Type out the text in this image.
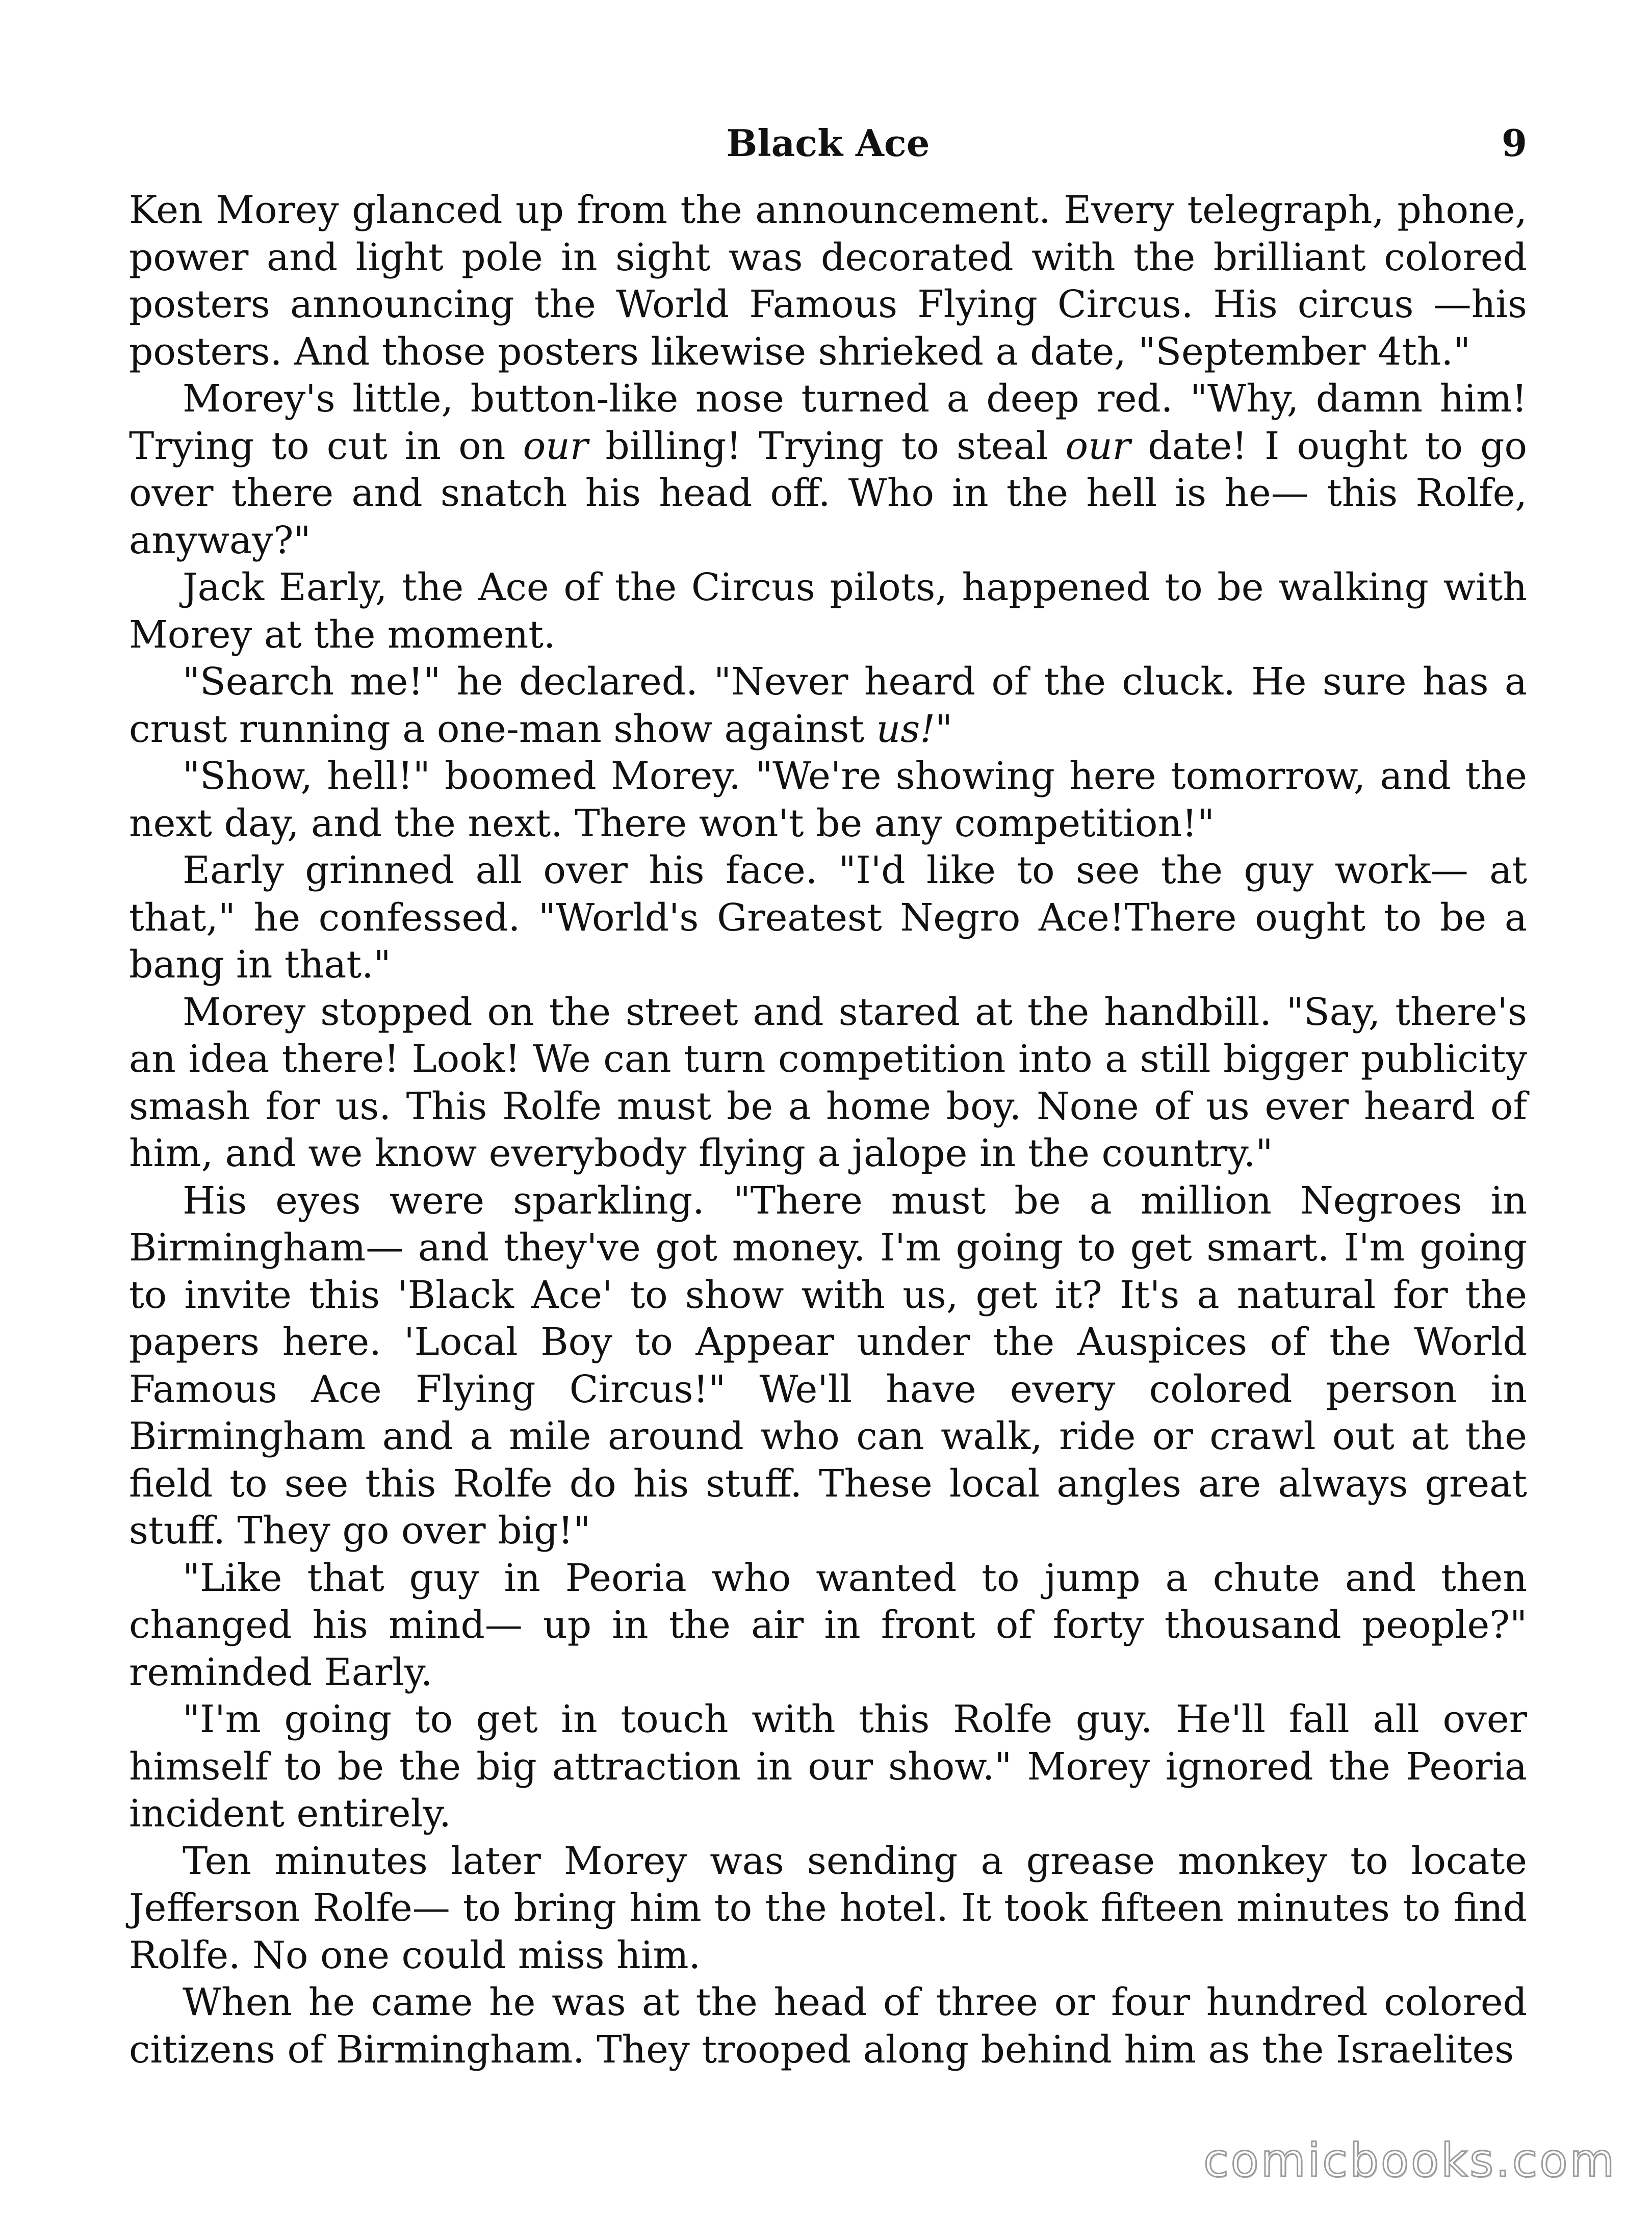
Black Ace	9

Ken Morey glanced up from the announcement. Every telegraph, phone, power and light pole in sight was decorated with the brilliant colored posters announcing the World Famous Flying Circus. His circus —his posters. And those posters likewise shrieked a date, "September 4th."

Morey's little, button-like nose turned a deep red. "Why, damn him! Trying to cut in on our billing! Trying to steal our date! I ought to go over there and snatch his head off. Who in the hell is he— this Rolfe, anyway?"

Jack Early, the Ace of the Circus pilots, happened to be walking with Morey at the moment.

"Search me!" he declared. "Never heard of the cluck. He sure has a crust running a one-man show against us!"

"Show, hell!" boomed Morey. "We're showing here tomorrow, and the next day, and the next. There won't be any competition!"

Early grinned all over his face. "I'd like to see the guy work— at that," he confessed. "World's Greatest Negro Ace!There ought to be a bang in that."

Morey stopped on the street and stared at the handbill. "Say, there's an idea there! Look! We can turn competition into a still bigger publicity smash for us. This Rolfe must be a home boy. None of us ever heard of him, and we know everybody flying a jalope in the country."

His eyes were sparkling. "There must be a million Negroes in Birmingham— and they've got money. I'm going to get smart. I'm going to invite this 'Black Ace' to show with us, get it? It's a natural for the papers here. 'Local Boy to Appear under the Auspices of the World Famous Ace Flying Circus!" We'll have every colored person in Birmingham and a mile around who can walk, ride or crawl out at the field to see this Rolfe do his stuff. These local angles are always great stuff. They go over big!"

"Like that guy in Peoria who wanted to jump a chute and then changed his mind— up in the air in front of forty thousand people?" reminded Early.

"I'm going to get in touch with this Rolfe guy. He'll fall all over himself to be the big attraction in our show." Morey ignored the Peoria incident entirely.

Ten minutes later Morey was sending a grease monkey to locate Jefferson Rolfe— to bring him to the hotel. It took fifteen minutes to find Rolfe. No one could miss him.

When he came he was at the head of three or four hundred colored citizens of Birmingham. They trooped along behind him as the Israelites

comicbooks.com
